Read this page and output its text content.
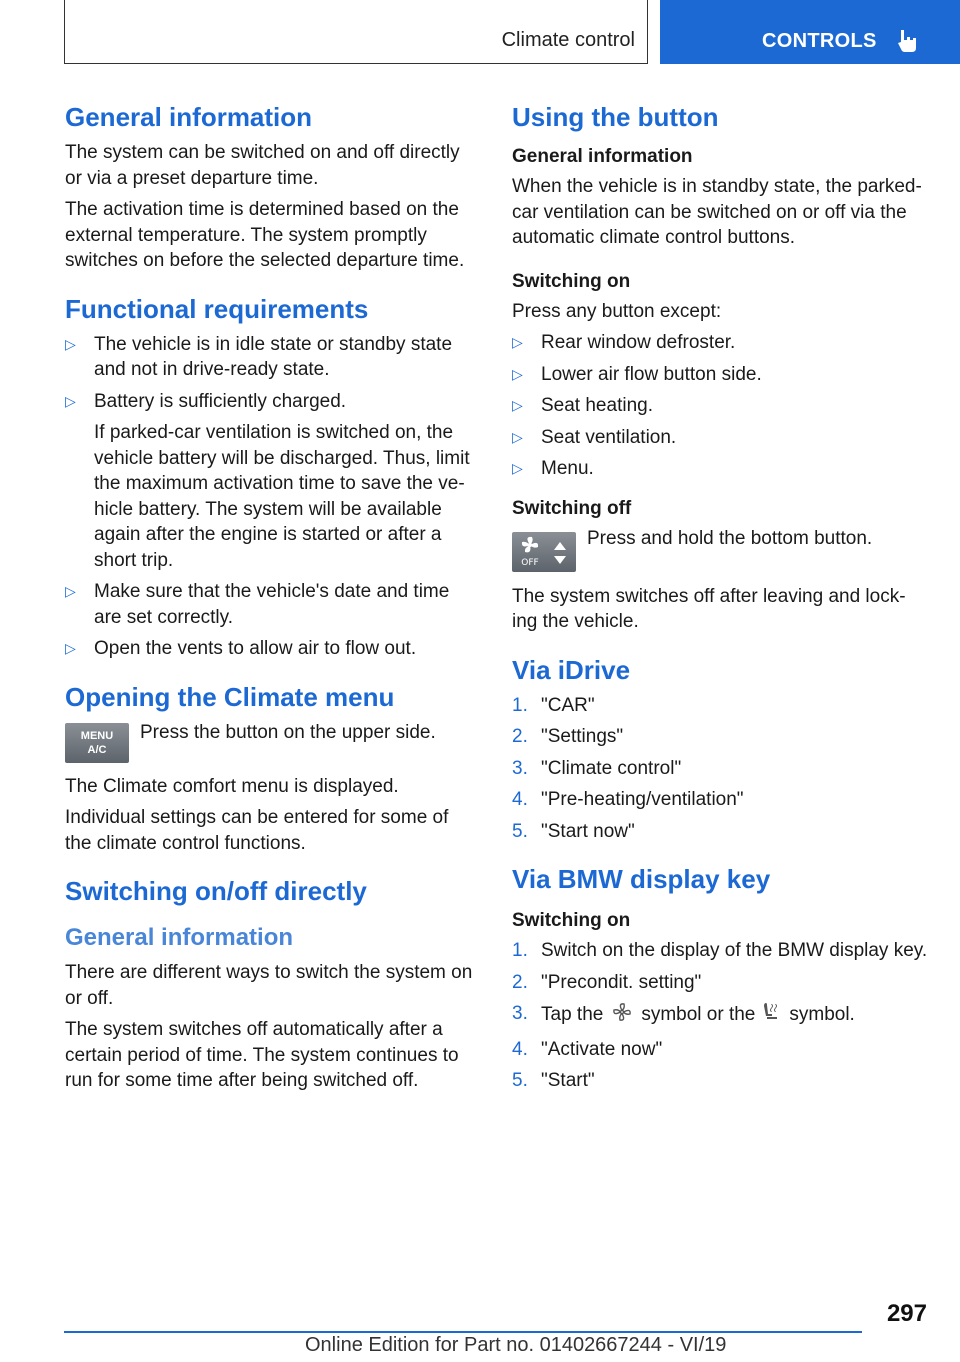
Climate control	CONTROLS
General information

The system can be switched on and off directly or via a preset departure time.

The activation time is determined based on the external temperature. The system promptly switches on before the selected departure time.

Functional requirements
▷ The vehicle is in idle state or standby state and not in drive-ready state.
▷ Battery is sufficiently charged.
If parked-car ventilation is switched on, the vehicle battery will be discharged. Thus, limit the maximum activation time to save the ve‐hicle battery. The system will be available again after the engine is started or after a short trip.
▷ Make sure that the vehicle's date and time are set correctly.
▷ Open the vents to allow air to flow out.
Opening the Climate menu
MENU
A/C

Press the button on the upper side.

The Climate comfort menu is displayed.

Individual settings can be entered for some of the climate control functions.

Switching on/off directly
General information

There are different ways to switch the system on or off.

The system switches off automatically after a certain period of time. The system continues to run for some time after being switched off.

Using the button
General information

When the vehicle is in standby state, the parked-car ventilation can be switched on or off via the automatic climate control buttons.

Switching on

Press any button except:

▷ Rear window defroster.
▷ Lower air flow button side.
▷ Seat heating.
▷ Seat ventilation.
▷ Menu.
Switching off
OFF

Press and hold the bottom button.

The system switches off after leaving and lock‐ing the vehicle.

Via iDrive
1. "CAR"
2. "Settings"
3. "Climate control"
4. "Pre-heating/ventilation"
5. "Start now"
Via BMW display key
Switching on
1. Switch on the display of the BMW display key.
2. "Precondit. setting"
3. Tap the symbol or the symbol.
4. "Activate now"
5. "Start"
297
Online Edition for Part no. 01402667244 - VI/19
